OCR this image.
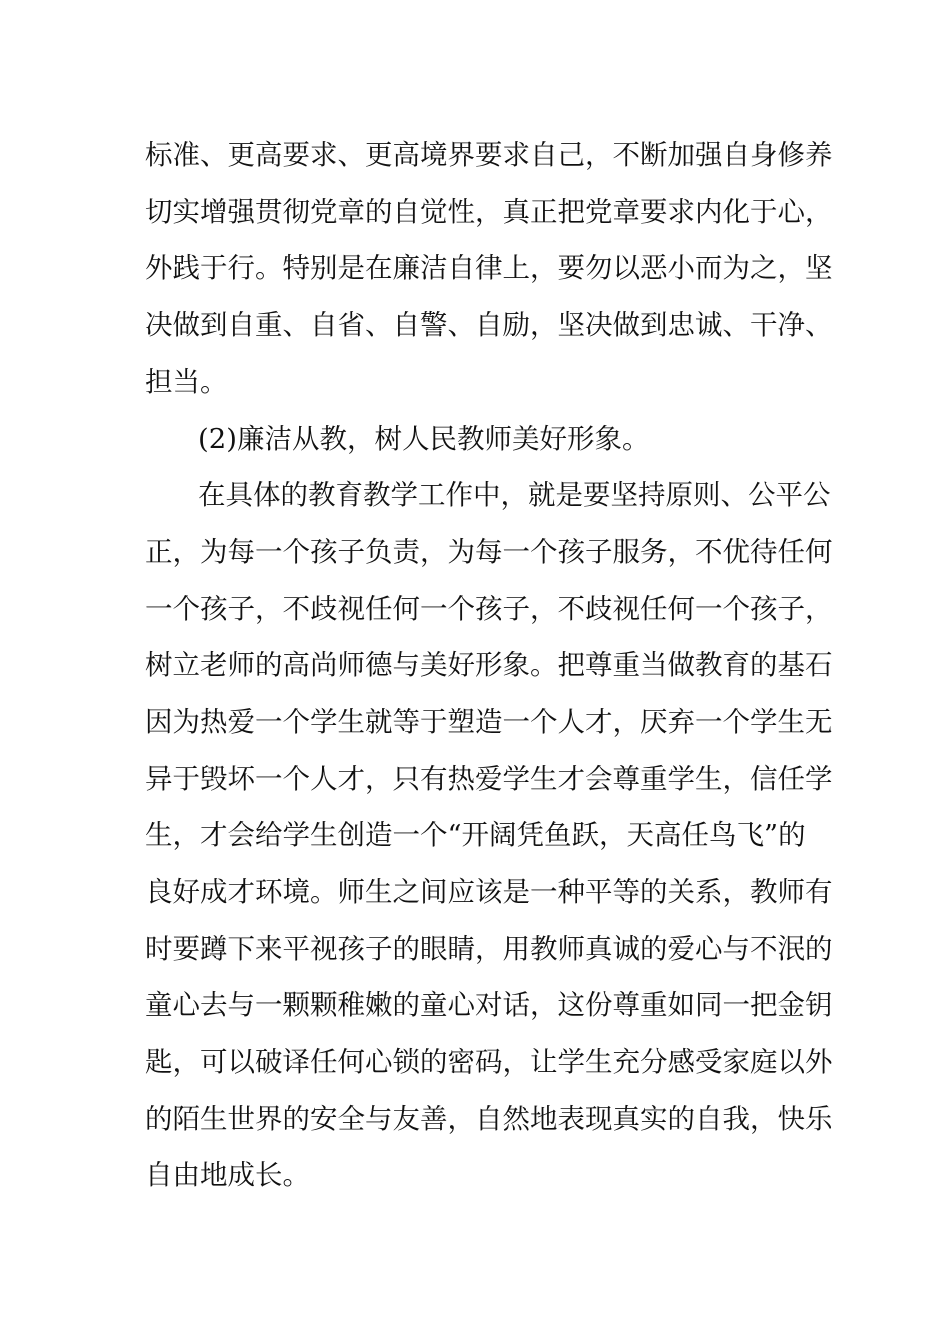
标准、更高要求、更高境界要求自己，不断加强自身修养
切实增强贯彻党章的自觉性，真正把党章要求内化于心，
外践于行。特别是在廉洁自律上，要勿以恶小而为之，坚
决做到自重、自省、自警、自励，坚决做到忠诚、干净、
担当。
(2)廉洁从教，树人民教师美好形象。
在具体的教育教学工作中，就是要坚持原则、公平公
正，为每一个孩子负责，为每一个孩子服务，不优待任何
一个孩子，不歧视任何一个孩子，不歧视任何一个孩子，
树立老师的高尚师德与美好形象。把尊重当做教育的基石
因为热爱一个学生就等于塑造一个人才，厌弃一个学生无
异于毁坏一个人才，只有热爱学生才会尊重学生，信任学
生，才会给学生创造一个“开阔凭鱼跃，天高任鸟飞”的
良好成才环境。师生之间应该是一种平等的关系，教师有
时要蹲下来平视孩子的眼睛，用教师真诚的爱心与不泯的
童心去与一颗颗稚嫩的童心对话，这份尊重如同一把金钥
匙，可以破译任何心锁的密码，让学生充分感受家庭以外
的陌生世界的安全与友善，自然地表现真实的自我，快乐
自由地成长。
